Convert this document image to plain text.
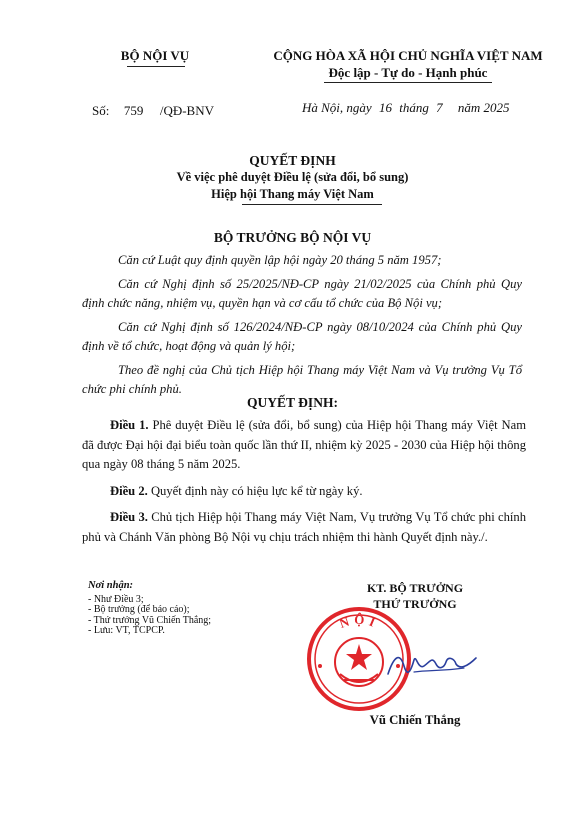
BỘ NỘI VỤ	CỘNG HÒA XÃ HỘI CHỦ NGHĨA VIỆT NAM
Độc lập - Tự do - Hạnh phúc
Số: 759 /QĐ-BNV	Hà Nội, ngày 16 tháng 7 năm 2025
QUYẾT ĐỊNH
Về việc phê duyệt Điều lệ (sửa đổi, bổ sung)
Hiệp hội Thang máy Việt Nam
BỘ TRƯỞNG BỘ NỘI VỤ

Căn cứ Luật quy định quyền lập hội ngày 20 tháng 5 năm 1957;

Căn cứ Nghị định số 25/2025/NĐ-CP ngày 21/02/2025 của Chính phủ Quy định chức năng, nhiệm vụ, quyền hạn và cơ cấu tổ chức của Bộ Nội vụ;

Căn cứ Nghị định số 126/2024/NĐ-CP ngày 08/10/2024 của Chính phủ Quy định về tổ chức, hoạt động và quản lý hội;

Theo đề nghị của Chủ tịch Hiệp hội Thang máy Việt Nam và Vụ trưởng Vụ Tổ chức phi chính phủ.

QUYẾT ĐỊNH:

Điều 1. Phê duyệt Điều lệ (sửa đổi, bổ sung) của Hiệp hội Thang máy Việt Nam đã được Đại hội đại biểu toàn quốc lần thứ II, nhiệm kỳ 2025 - 2030 của Hiệp hội thông qua ngày 08 tháng 5 năm 2025.

Điều 2. Quyết định này có hiệu lực kể từ ngày ký.

Điều 3. Chủ tịch Hiệp hội Thang máy Việt Nam, Vụ trưởng Vụ Tổ chức phi chính phủ và Chánh Văn phòng Bộ Nội vụ chịu trách nhiệm thi hành Quyết định này./.

Nơi nhận:
- Như Điều 3;
- Bộ trưởng (để báo cáo);
- Thứ trưởng Vũ Chiến Thắng;
- Lưu: VT, TCPCP.
KT. BỘ TRƯỞNG
THỨ TRƯỞNG
NỘI
Vũ Chiến Thắng
